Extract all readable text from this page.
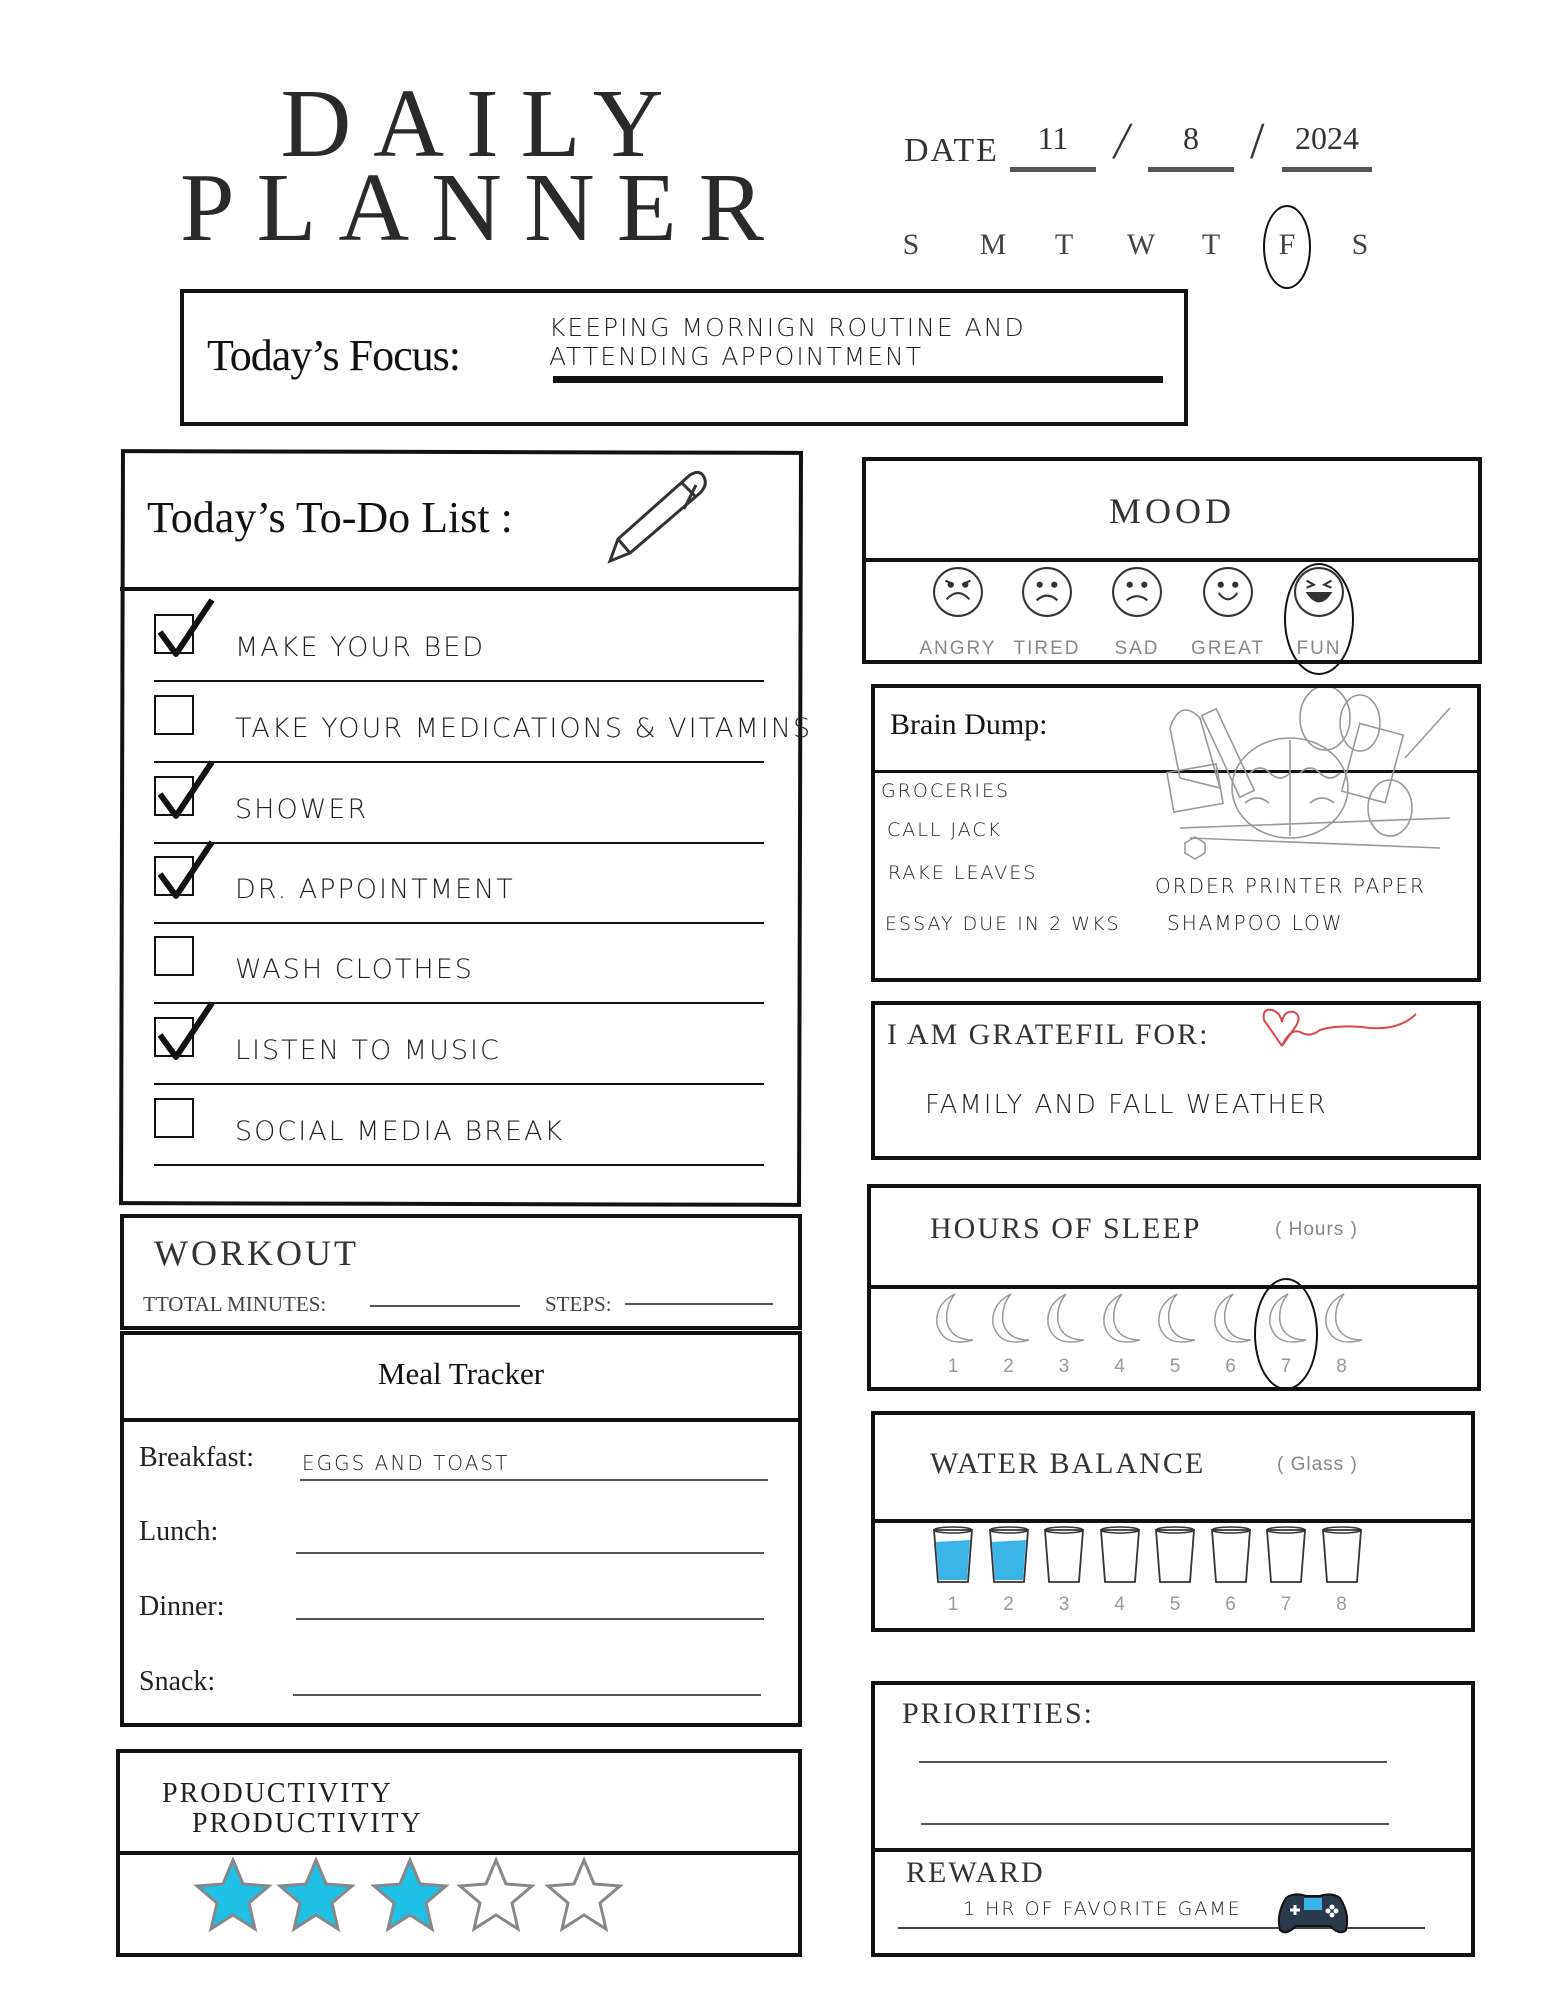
DAILY
PLANNER
DATE	11 /	8 / 2024
Today’s Focus:
KEEPING MORNIGN ROUTINE AND
ATTENDING APPOINTMENT
Today’s To-Do List :
WORKOUT
TTOTAL MINUTES:	STEPS:
Meal Tracker
PRODUCTIVITY
PRODUCTIVITY
MOOD
Brain Dump:
GROCERIES
CALL JACK
RAKE LEAVES
ESSAY DUE IN 2 WKS
ORDER PRINTER PAPER
SHAMPOO LOW
I AM GRATEFIL FOR:
FAMILY AND FALL WEATHER
HOURS OF SLEEP	( Hours )
WATER BALANCE	( Glass )
PRIORITIES:
REWARD
1 HR OF FAVORITE GAME
S	M	T	W	T	F	S
MAKE YOUR BED
TAKE YOUR MEDICATIONS & VITAMINS
SHOWER
DR. APPOINTMENT
WASH CLOTHES
LISTEN TO MUSIC
SOCIAL MEDIA BREAK
Breakfast: EGGS AND TOAST
Lunch:
Dinner:
Snack:
ANGRY TIRED	SAD	GREAT	FUN
1	2	3	4	5	6	7	8
1	2	3	4	5	6	7	8
